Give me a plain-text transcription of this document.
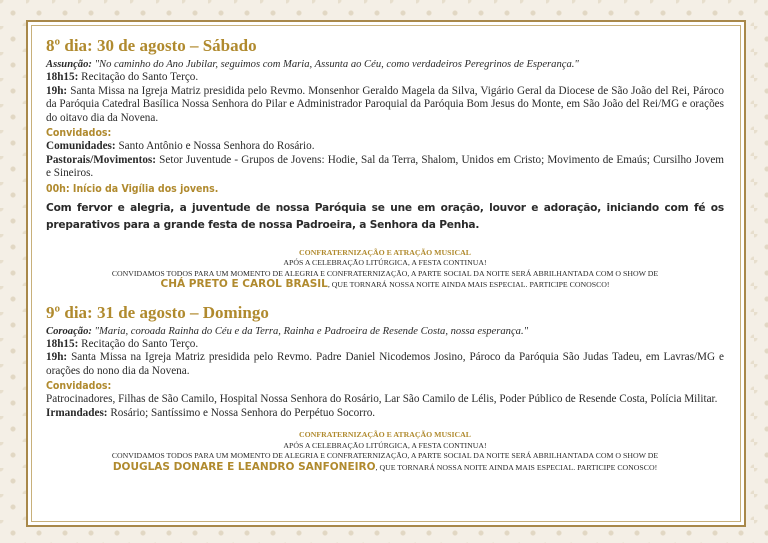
8º dia: 30 de agosto – Sábado

Assunção: "No caminho do Ano Jubilar, seguimos com Maria, Assunta ao Céu, como verdadeiros Peregrinos de Esperança."

18h15: Recitação do Santo Terço.

19h: Santa Missa na Igreja Matriz presidida pelo Revmo. Monsenhor Geraldo Magela da Silva, Vigário Geral da Diocese de São João del Rei, Pároco da Paróquia Catedral Basílica Nossa Senhora do Pilar e Administrador Paroquial da Paróquia Bom Jesus do Monte, em São João del Rei/MG e orações do oitavo dia da Novena.

Convidados:

Comunidades: Santo Antônio e Nossa Senhora do Rosário.

Pastorais/Movimentos: Setor Juventude - Grupos de Jovens: Hodie, Sal da Terra, Shalom, Unidos em Cristo; Movimento de Emaús; Cursilho Jovem e Sineiros.

00h: Início da Vigília dos jovens.

Com fervor e alegria, a juventude de nossa Paróquia se une em oração, louvor e adoração, iniciando com fé os preparativos para a grande festa de nossa Padroeira, a Senhora da Penha.

CONFRATERNIZAÇÃO E ATRAÇÃO MUSICAL
APÓS A CELEBRAÇÃO LITÚRGICA, A FESTA CONTINUA!
CONVIDAMOS TODOS PARA UM MOMENTO DE ALEGRIA E CONFRATERNIZAÇÃO, A PARTE SOCIAL DA NOITE SERÁ ABRILHANTADA COM O SHOW DE
CHÁ PRETO E CAROL BRASIL, QUE TORNARÁ NOSSA NOITE AINDA MAIS ESPECIAL. PARTICIPE CONOSCO!
9º dia: 31 de agosto – Domingo

Coroação: "Maria, coroada Rainha do Céu e da Terra, Rainha e Padroeira de Resende Costa, nossa esperança."

18h15: Recitação do Santo Terço.

19h: Santa Missa na Igreja Matriz presidida pelo Revmo. Padre Daniel Nicodemos Josino, Pároco da Paróquia São Judas Tadeu, em Lavras/MG e orações do nono dia da Novena.

Convidados:

Patrocinadores, Filhas de São Camilo, Hospital Nossa Senhora do Rosário, Lar São Camilo de Lélis, Poder Público de Resende Costa, Polícia Militar.

Irmandades: Rosário; Santíssimo e Nossa Senhora do Perpétuo Socorro.

CONFRATERNIZAÇÃO E ATRAÇÃO MUSICAL
APÓS A CELEBRAÇÃO LITÚRGICA, A FESTA CONTINUA!
CONVIDAMOS TODOS PARA UM MOMENTO DE ALEGRIA E CONFRATERNIZAÇÃO, A PARTE SOCIAL DA NOITE SERÁ ABRILHANTADA COM O SHOW DE
DOUGLAS DONARE E LEANDRO SANFONEIRO, QUE TORNARÁ NOSSA NOITE AINDA MAIS ESPECIAL. PARTICIPE CONOSCO!
